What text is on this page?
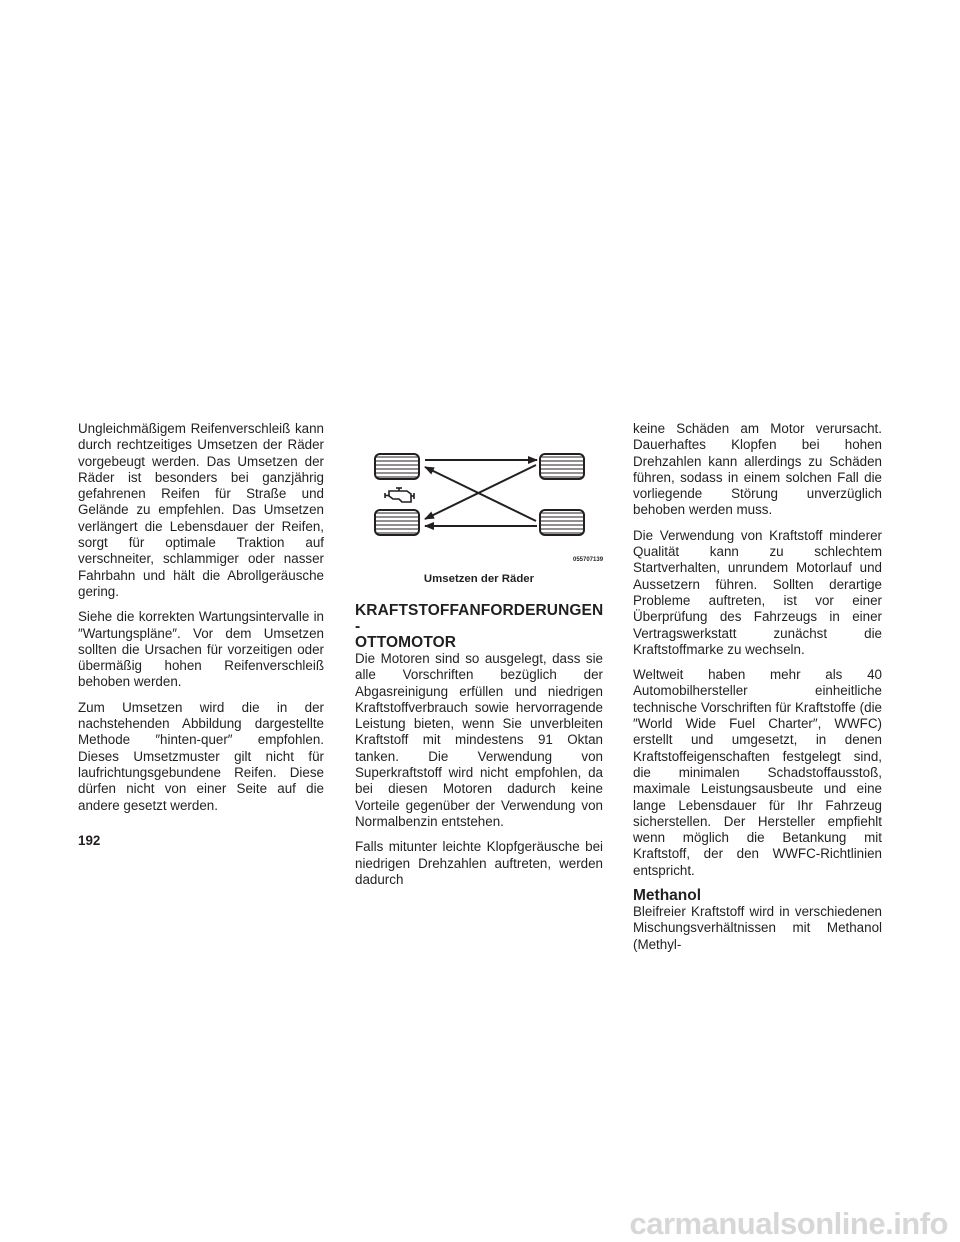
Ungleichmäßigem Reifenverschleiß kann durch rechtzeitiges Umsetzen der Räder vorgebeugt werden. Das Umsetzen der Räder ist besonders bei ganzjährig gefahrenen Reifen für Straße und Gelände zu empfehlen. Das Umsetzen verlängert die Lebensdauer der Reifen, sorgt für optimale Traktion auf verschneiter, schlammiger oder nasser Fahrbahn und hält die Abrollgeräusche gering.

Siehe die korrekten Wartungsintervalle in ″Wartungspläne″. Vor dem Umsetzen sollten die Ursachen für vorzeitigen oder übermäßig hohen Reifenverschleiß behoben werden.

Zum Umsetzen wird die in der nachstehenden Abbildung dargestellte Methode ″hinten-quer″ empfohlen. Dieses Umsetzmuster gilt nicht für laufrichtungsgebundene Reifen. Diese dürfen nicht von einer Seite auf die andere gesetzt werden.

055707139
Umsetzen der Räder
KRAFTSTOFFANFORDERUNGEN -
OTTOMOTOR

Die Motoren sind so ausgelegt, dass sie alle Vorschriften bezüglich der Abgasreinigung erfüllen und niedrigen Kraftstoffverbrauch sowie hervorragende Leistung bieten, wenn Sie unverbleiten Kraftstoff mit mindestens 91 Oktan tanken. Die Verwendung von Superkraftstoff wird nicht empfohlen, da bei diesen Motoren dadurch keine Vorteile gegenüber der Verwendung von Normalbenzin entstehen.

Falls mitunter leichte Klopfgeräusche bei niedrigen Drehzahlen auftreten, werden dadurch

keine Schäden am Motor verursacht. Dauerhaftes Klopfen bei hohen Drehzahlen kann allerdings zu Schäden führen, sodass in einem solchen Fall die vorliegende Störung unverzüglich behoben werden muss.

Die Verwendung von Kraftstoff minderer Qualität kann zu schlechtem Startverhalten, unrundem Motorlauf und Aussetzern führen. Sollten derartige Probleme auftreten, ist vor einer Überprüfung des Fahrzeugs in einer Vertragswerkstatt zunächst die Kraftstoffmarke zu wechseln.

Weltweit haben mehr als 40 Automobilhersteller einheitliche technische Vorschriften für Kraftstoffe (die ″World Wide Fuel Charter″, WWFC) erstellt und umgesetzt, in denen Kraftstoffeigenschaften festgelegt sind, die minimalen Schadstoffausstoß, maximale Leistungsausbeute und eine lange Lebensdauer für Ihr Fahrzeug sicherstellen. Der Hersteller empfiehlt wenn möglich die Betankung mit Kraftstoff, der den WWFC-Richtlinien entspricht.

Methanol

Bleifreier Kraftstoff wird in verschiedenen Mischungsverhältnissen mit Methanol (Methyl-

192
carmanualsonline.info
